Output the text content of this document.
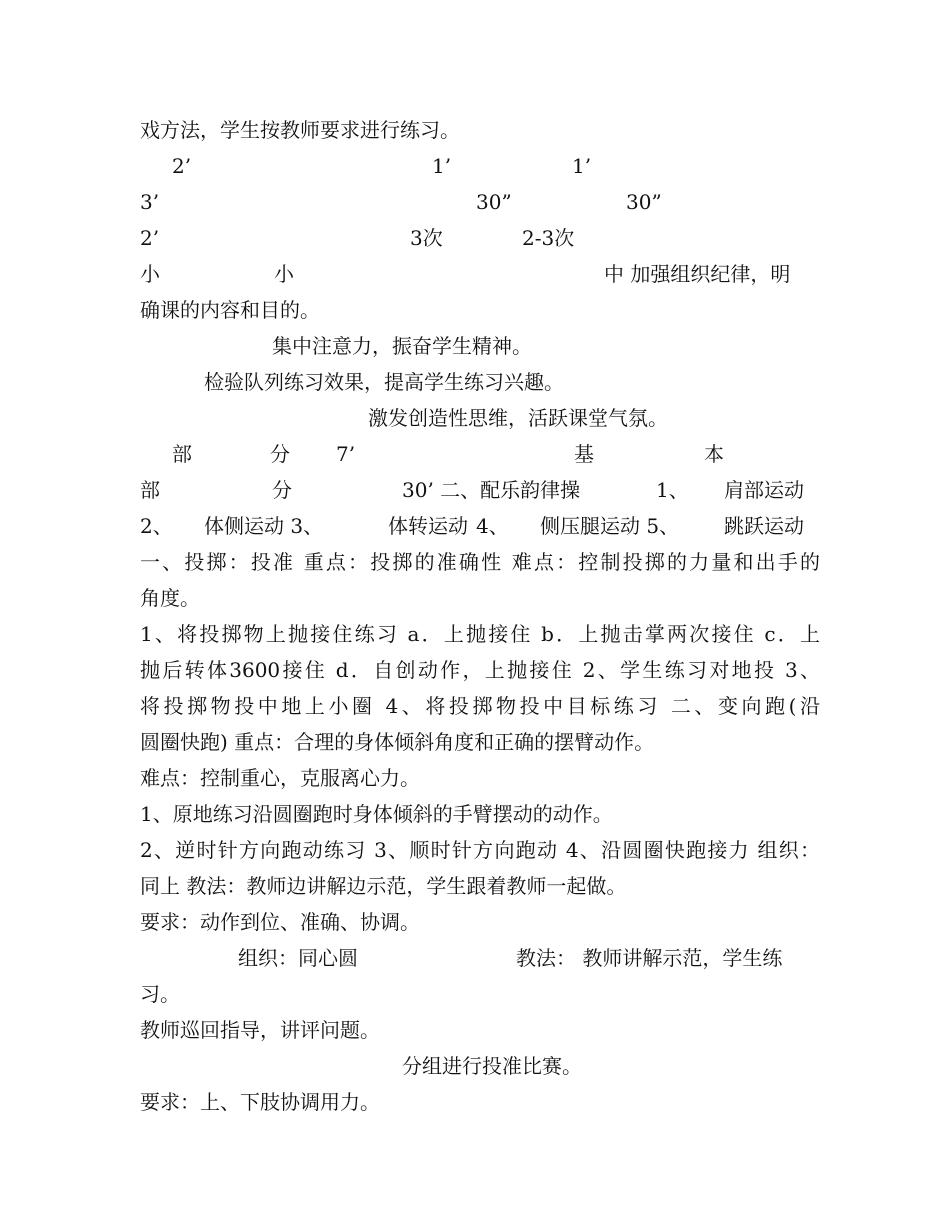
戏方法，学生按教师要求进行练习。
2’	1’	1’
3’	30”	30”
2’	3次	2-3次
小	小	中 加强组织纪律，明
确课的内容和目的。
集中注意力，振奋学生精神。
检验队列练习效果，提高学生练习兴趣。
激发创造性思维，活跃课堂气氛。
部	分 7’	基	本
部	分	30’ 二、配乐韵律操	1、 肩部运动
2、 体侧运动 3、	体转运动 4、 侧压腿运动 5、 跳跃运动
一、投掷：投准 重点：投掷的准确性 难点：控制投掷的力量和出手的
角度。
1、将投掷物上抛接住练习 a．上抛接住 b．上抛击掌两次接住 c．上
抛后转体3600接住 d．自创动作，上抛接住 2、学生练习对地投 3、
将投掷物投中地上小圈 4、将投掷物投中目标练习 二、变向跑(沿
圆圈快跑) 重点：合理的身体倾斜角度和正确的摆臂动作。
难点：控制重心，克服离心力。
1、原地练习沿圆圈跑时身体倾斜的手臂摆动的动作。
2、逆时针方向跑动练习 3、顺时针方向跑动 4、沿圆圈快跑接力 组织：
同上 教法：教师边讲解边示范，学生跟着教师一起做。
要求：动作到位、准确、协调。
组织：同心圆	教法： 教师讲解示范，学生练
习。
教师巡回指导，讲评问题。
分组进行投准比赛。
要求：上、下肢协调用力。
